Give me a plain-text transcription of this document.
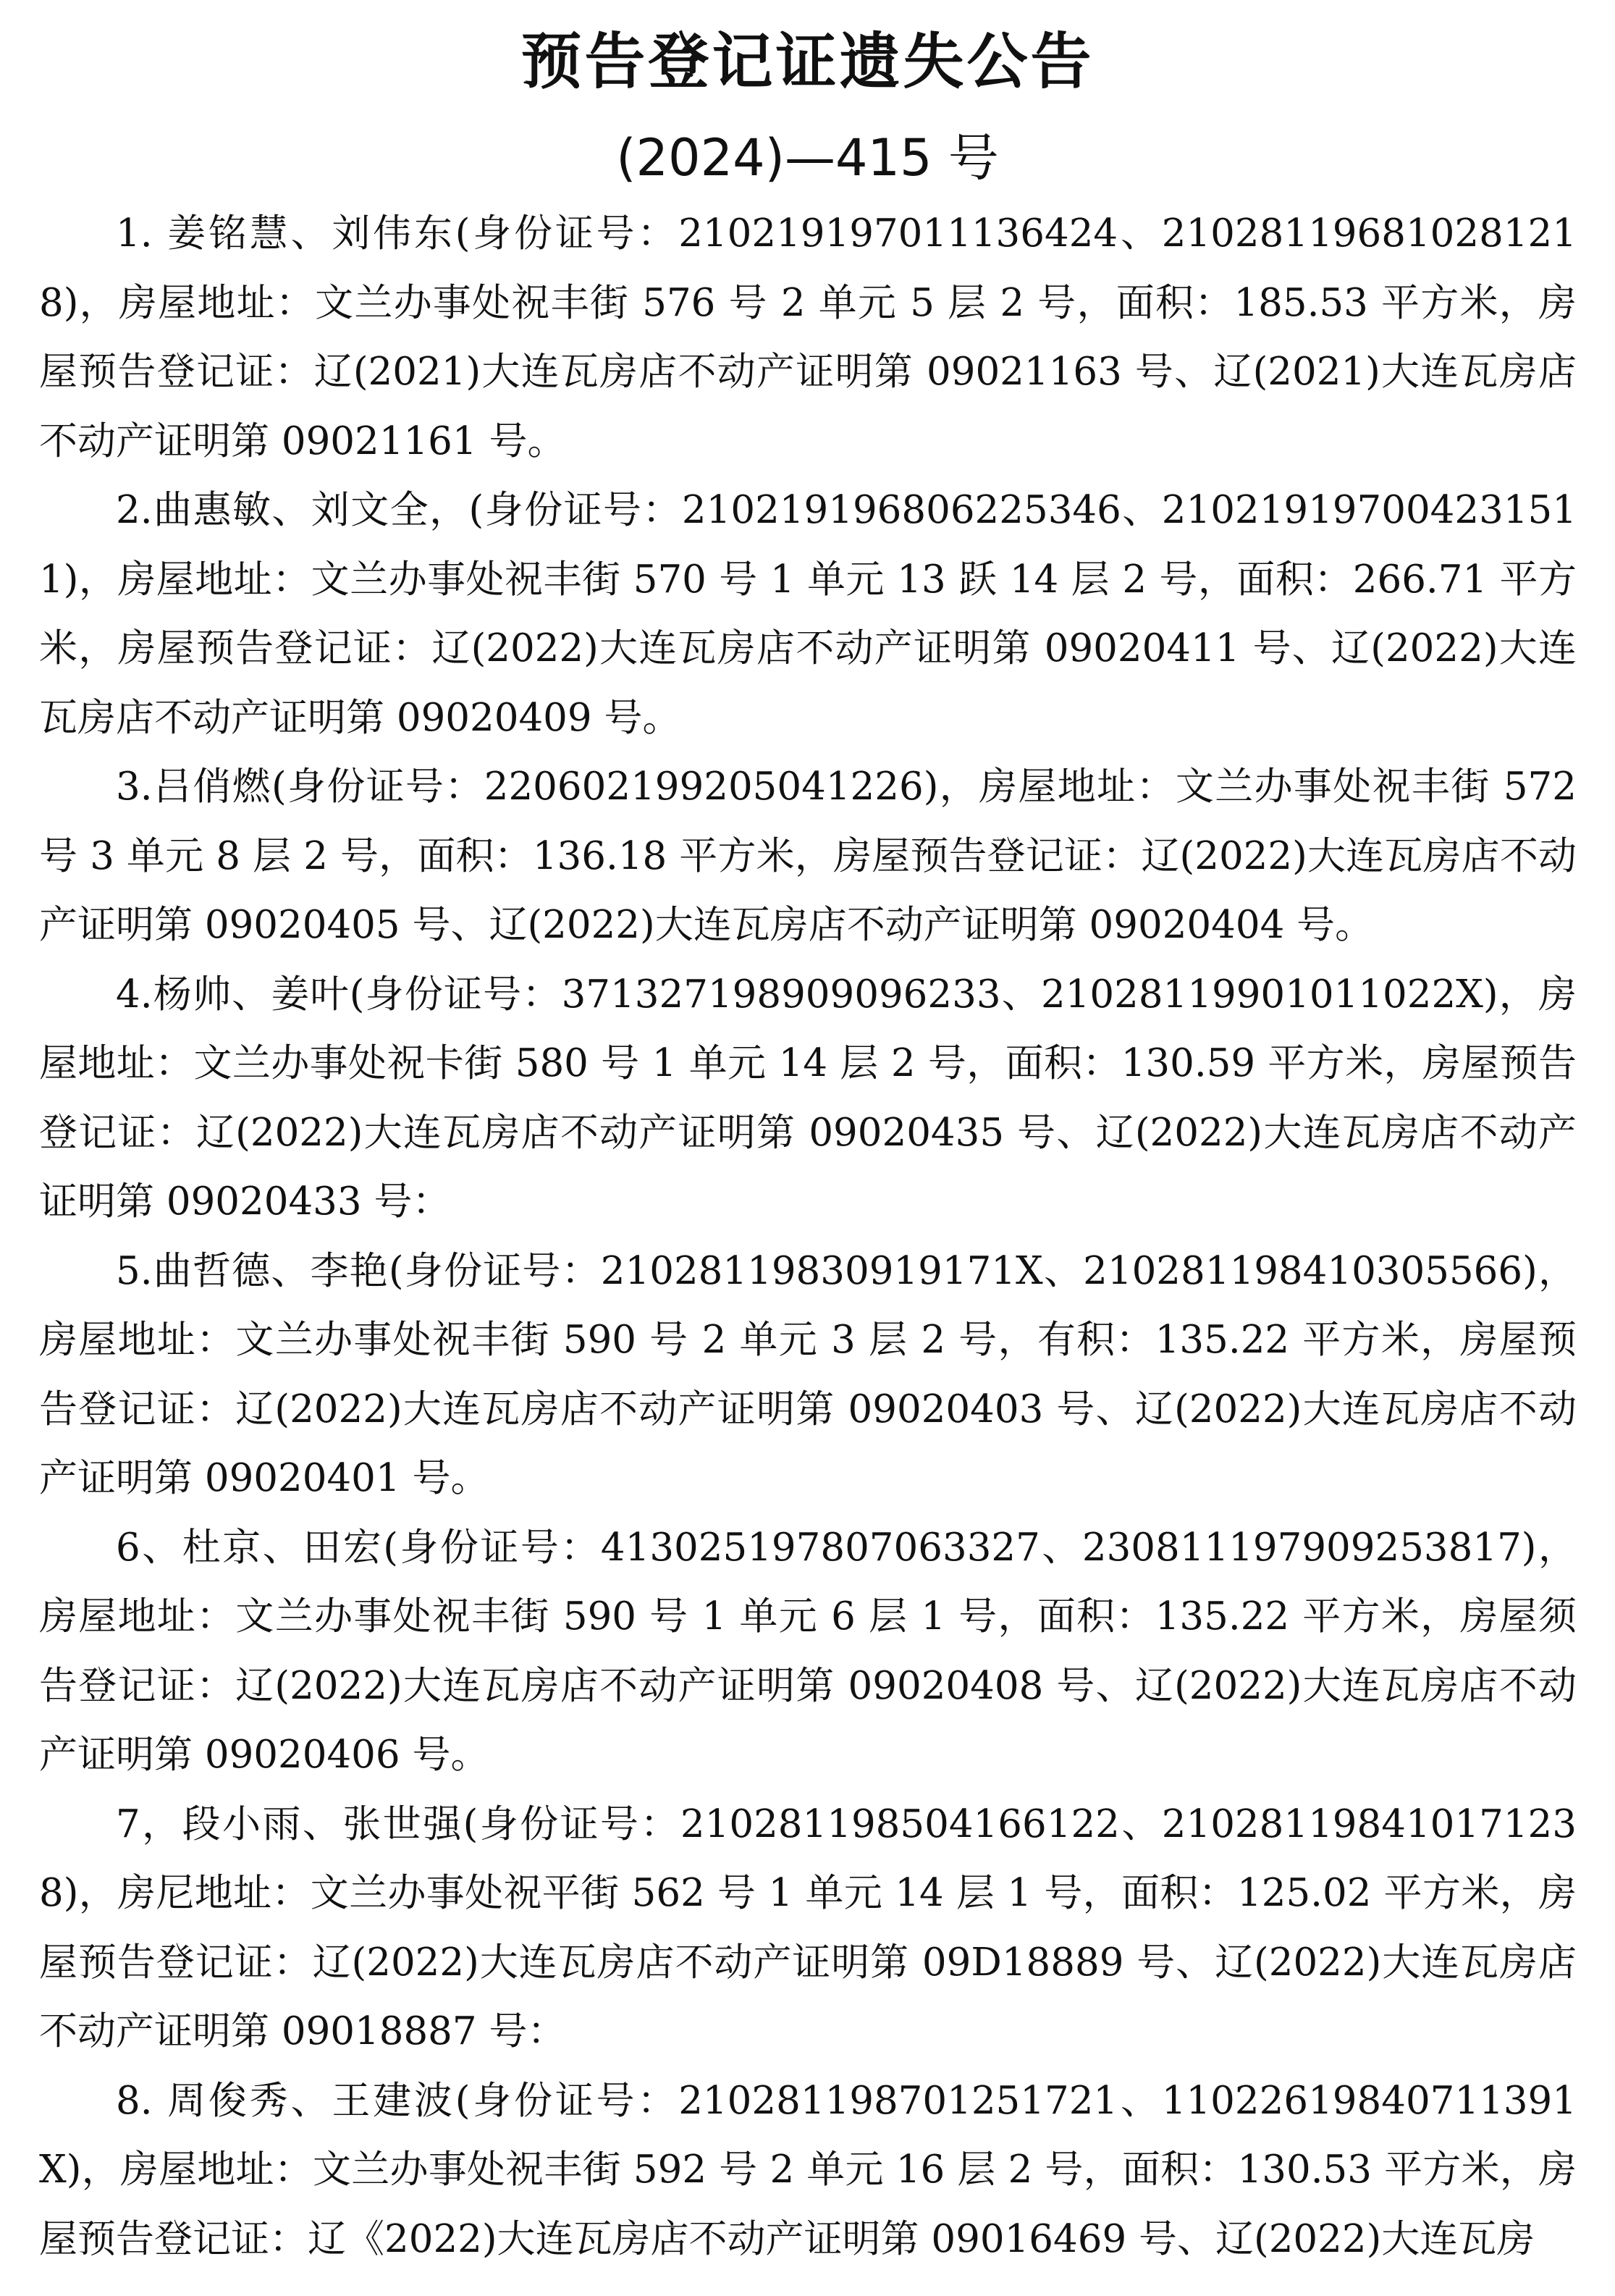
预告登记证遗失公告
(2024)—415 号

1. 姜铭慧、刘伟东(身份证号：210219197011136424、210281196810281218)，房屋地址：文兰办事处祝丰街 576 号 2 单元 5 层 2 号，面积：185.53 平方米，房屋预告登记证：辽(2021)大连瓦房店不动产证明第 09021163 号、辽(2021)大连瓦房店不动产证明第 09021161 号。

2.曲惠敏、刘文全，(身份证号：210219196806225346、210219197004231511)，房屋地址：文兰办事处祝丰街 570 号 1 单元 13 跃 14 层 2 号，面积：266.71 平方米，房屋预告登记证：辽(2022)大连瓦房店不动产证明第 09020411 号、辽(2022)大连瓦房店不动产证明第 09020409 号。

3.吕俏燃(身份证号：220602199205041226)，房屋地址：文兰办事处祝丰街 572 号 3 单元 8 层 2 号，面积：136.18 平方米，房屋预告登记证：辽(2022)大连瓦房店不动产证明第 09020405 号、辽(2022)大连瓦房店不动产证明第 09020404 号。

4.杨帅、姜叶(身份证号：371327198909096233、21028119901011022X)，房屋地址：文兰办事处祝卡街 580 号 1 单元 14 层 2 号，面积：130.59 平方米，房屋预告登记证：辽(2022)大连瓦房店不动产证明第 09020435 号、辽(2022)大连瓦房店不动产证明第 09020433 号：

5.曲哲德、李艳(身份证号：21028119830919171X、210281198410305566)，房屋地址：文兰办事处祝丰街 590 号 2 单元 3 层 2 号，有积：135.22 平方米，房屋预告登记证：辽(2022)大连瓦房店不动产证明第 09020403 号、辽(2022)大连瓦房店不动产证明第 09020401 号。

6、杜京、田宏(身份证号：413025197807063327、230811197909253817)，房屋地址：文兰办事处祝丰街 590 号 1 单元 6 层 1 号，面积：135.22 平方米，房屋须告登记证：辽(2022)大连瓦房店不动产证明第 09020408 号、辽(2022)大连瓦房店不动产证明第 09020406 号。

7，段小雨、张世强(身份证号：210281198504166122、210281198410171238)，房尼地址：文兰办事处祝平街 562 号 1 单元 14 层 1 号，面积：125.02 平方米，房屋预告登记证：辽(2022)大连瓦房店不动产证明第 09D18889 号、辽(2022)大连瓦房店不动产证明第 09018887 号：

8. 周俊秀、王建波(身份证号：210281198701251721、11022619840711391X)，房屋地址：文兰办事处祝丰街 592 号 2 单元 16 层 2 号，面积：130.53 平方米，房屋预告登记证：辽《2022)大连瓦房店不动产证明第 09016469 号、辽(2022)大连瓦房
